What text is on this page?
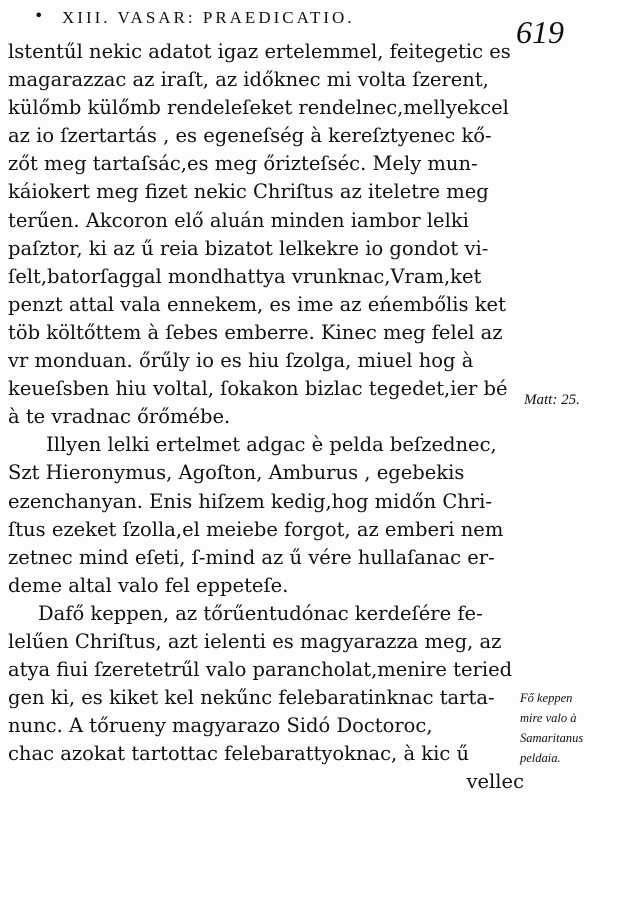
• XIII. VASAR: PRAEDICATIO.	619
lstentűl nekic adatot igaz ertelemmel, feitegetic es
magarazzac az iraſt, az időknec mi volta ſzerent,
külőmb külőmb rendeleſeket rendelnec,mellyekcel
az io ſzertartás , es egeneſség à kereſztyenec kő-
zőt meg tartaſsác,es meg őrizteſséc. Mely mun-
káiokert meg fizet nekic Chriſtus az iteletre meg
terűen. Akcoron elő aluán minden iambor lelki
paſztor, ki az ű reia bizatot lelkekre io gondot vi-
ſelt,batorſaggal mondhattya vrunknac,Vram,ket
penzt attal vala ennekem, es ime az eńembőlis ket
töb költőttem à ſebes emberre. Kinec meg felel az
vr monduan. őrűly io es hiu ſzolga, miuel hog à
keueſsben hiu voltal, ſokakon bizlac tegedet,ier bé
à te vradnac őrőmébe.
Illyen lelki ertelmet adgac è pelda beſzednec,
Szt Hieronymus, Agoſton, Amburus , egebekis
ezenchanyan. Enis hiſzem kedig,hog midőn Chri-
ſtus ezeket ſzolla,el meiebe forgot, az emberi nem
zetnec mind eſeti, ſ-mind az ű vére hullaſanac er-
deme altal valo fel eppeteſe.
Dafő keppen, az tőrűentudónac kerdeſére fe-
lelűen Chriſtus, azt ielenti es magyarazza meg, az
atya fiui ſzeretetrűl valo parancholat,menire teried
gen ki, es kiket kel nekűnc felebaratinknac tarta-
nunc. A tőrueny magyarazo Sidó Doctoroc,
chac azokat tartottac felebarattyoknac, à kic ű
vellec
Matt: 25.
Fő keppen
mire valo à
Samaritanus
peldaia.
